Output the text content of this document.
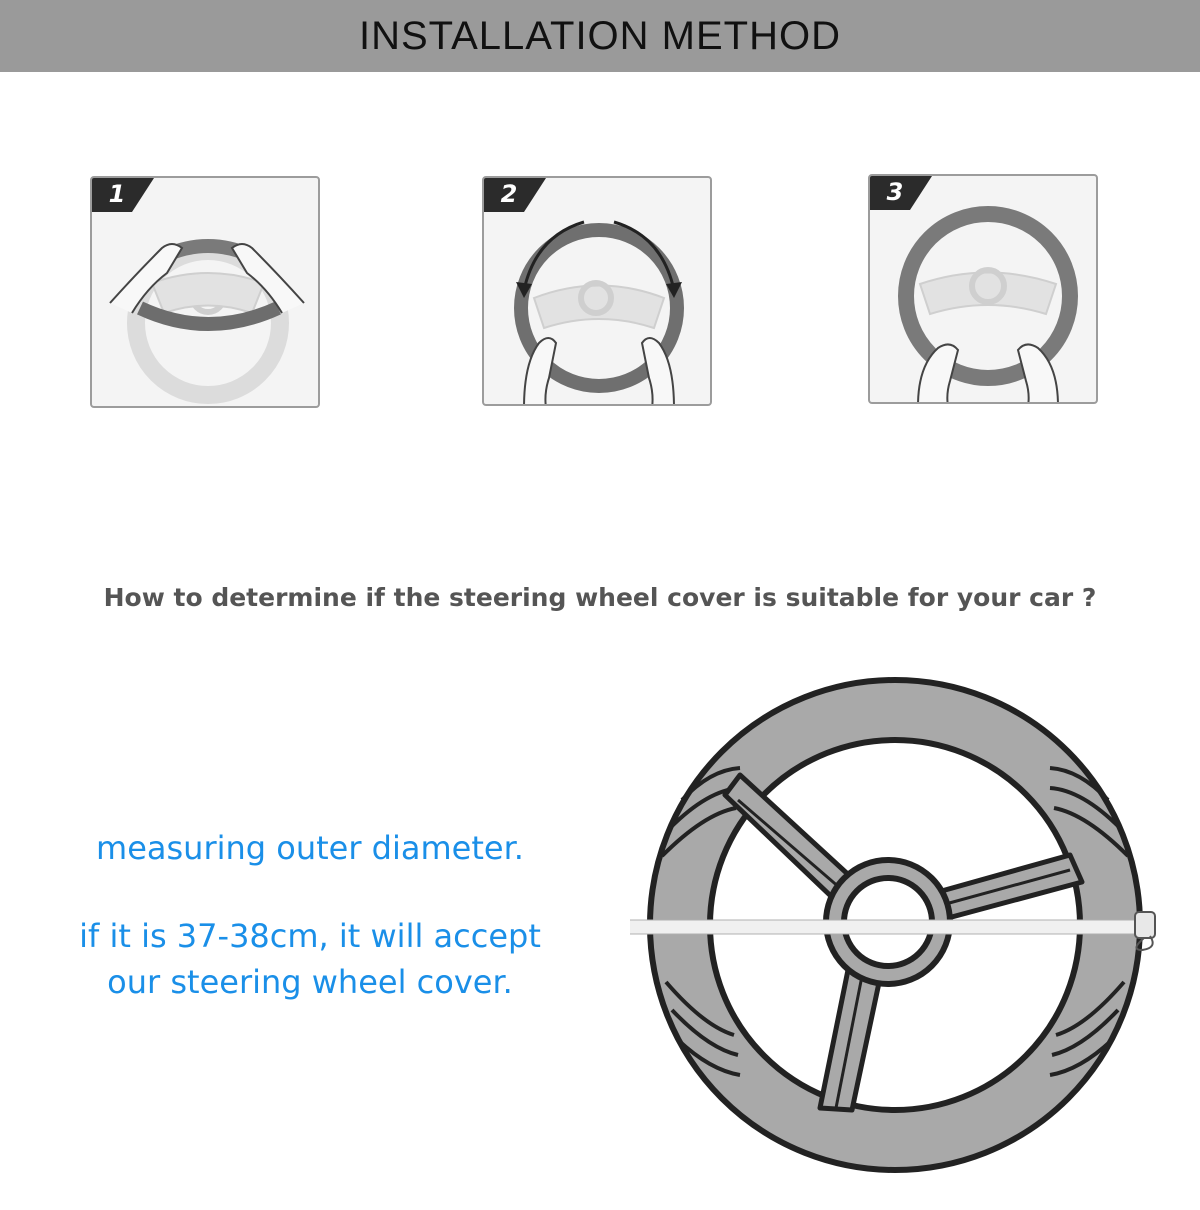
INSTALLATION METHOD
1	2	3
How to determine if the steering wheel cover is suitable for your car ?
measuring outer diameter.
if it is 37-38cm, it will accept
our steering wheel cover.
